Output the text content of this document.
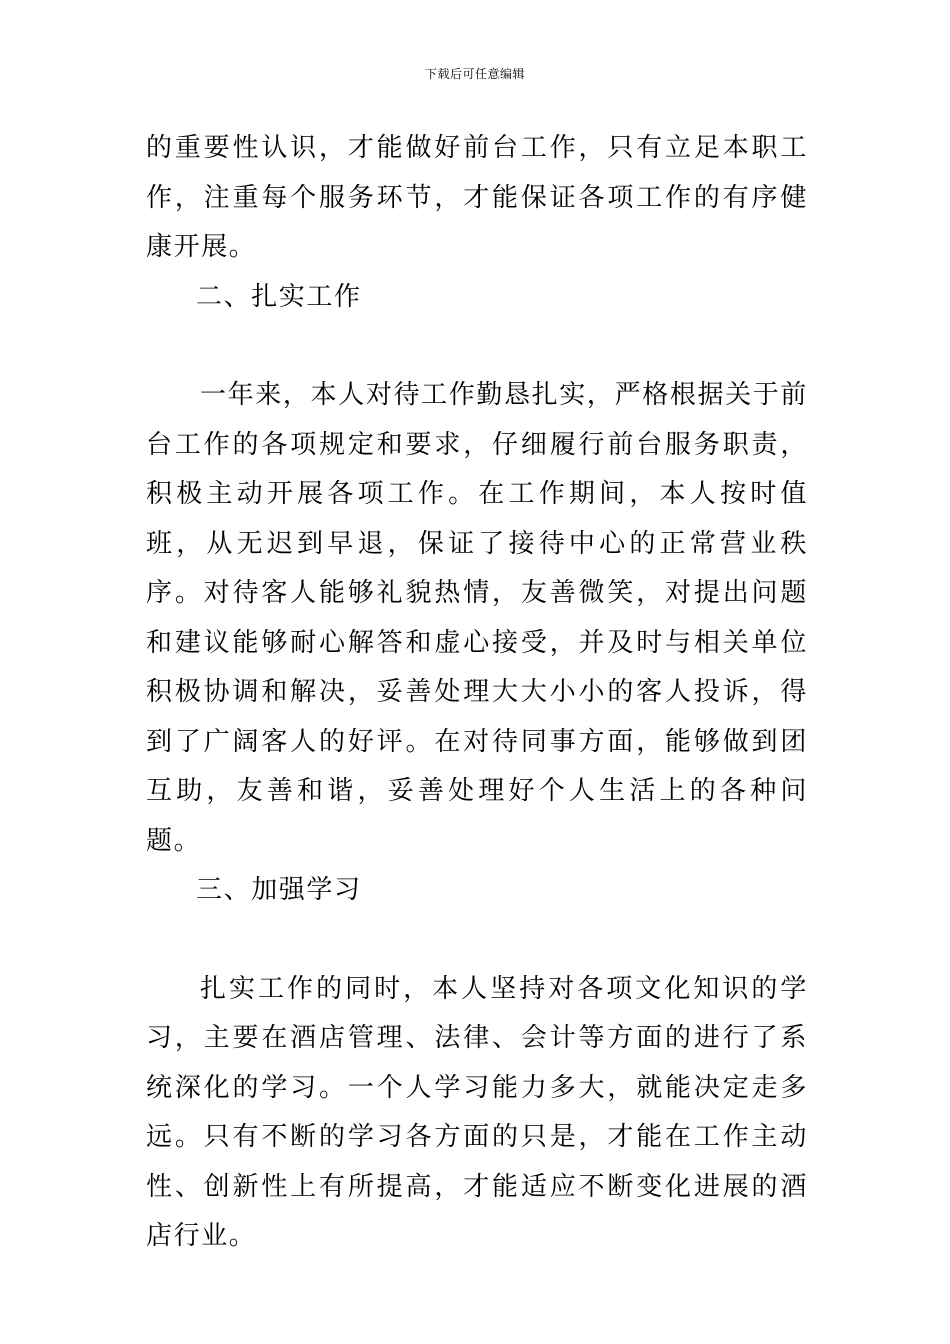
下载后可任意编辑

的重要性认识，才能做好前台工作，只有立足本职工作，注重每个服务环节，才能保证各项工作的有序健康开展。

二、扎实工作

一年来，本人对待工作勤恳扎实，严格根据关于前台工作的各项规定和要求，仔细履行前台服务职责，积极主动开展各项工作。在工作期间，本人按时值班，从无迟到早退，保证了接待中心的正常营业秩序。对待客人能够礼貌热情，友善微笑，对提出问题和建议能够耐心解答和虚心接受，并及时与相关单位积极协调和解决，妥善处理大大小小的客人投诉，得到了广阔客人的好评。在对待同事方面，能够做到团互助，友善和谐，妥善处理好个人生活上的各种问题。

三、加强学习

扎实工作的同时，本人坚持对各项文化知识的学习，主要在酒店管理、法律、会计等方面的进行了系统深化的学习。一个人学习能力多大，就能决定走多远。只有不断的学习各方面的只是，才能在工作主动性、创新性上有所提高，才能适应不断变化进展的酒店行业。
